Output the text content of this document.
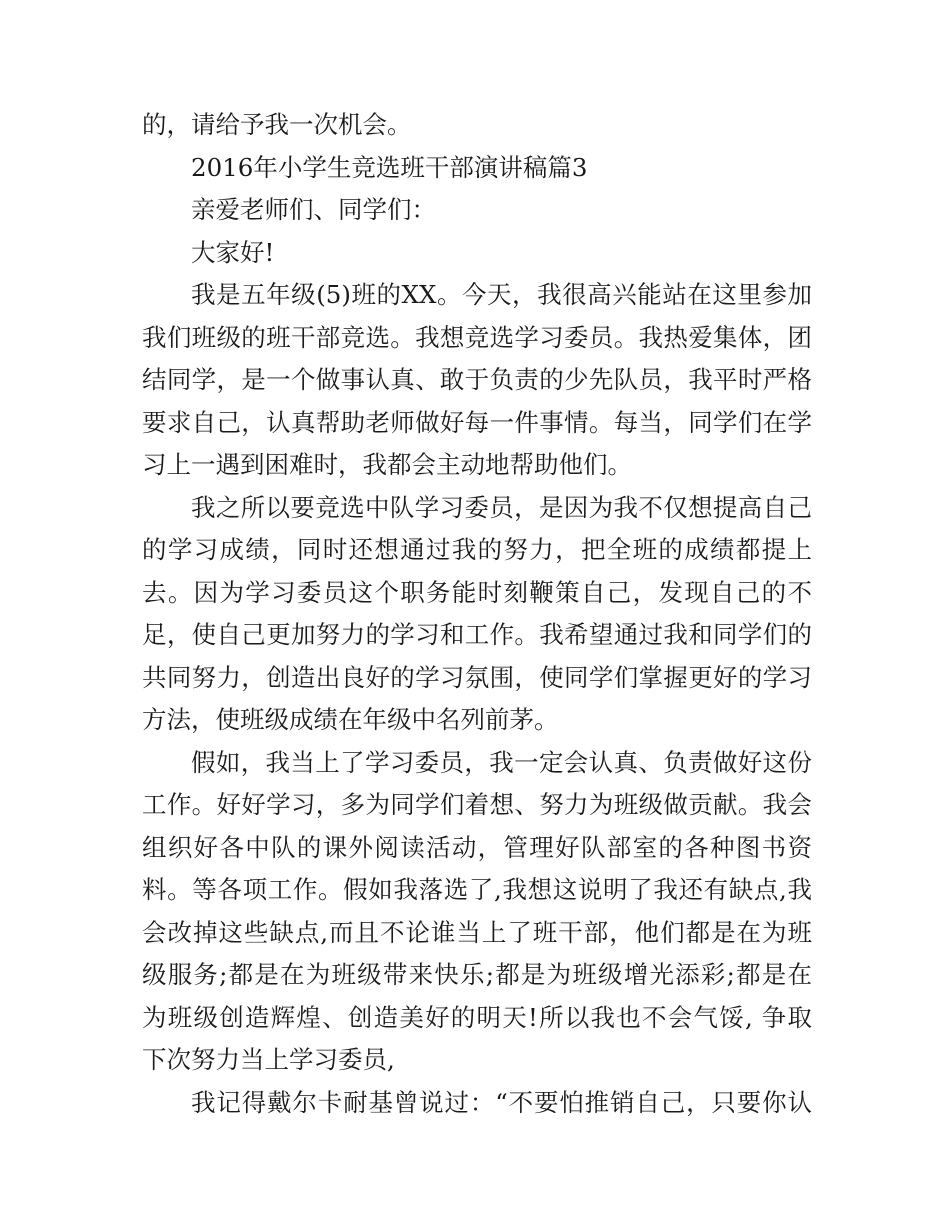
的，请给予我一次机会。
2016年小学生竞选班干部演讲稿篇3
亲爱老师们、同学们：
大家好!
我是五年级(5)班的XX。今天，我很高兴能站在这里参加
我们班级的班干部竞选。我想竞选学习委员。我热爱集体，团
结同学，是一个做事认真、敢于负责的少先队员，我平时严格
要求自己，认真帮助老师做好每一件事情。每当，同学们在学
习上一遇到困难时，我都会主动地帮助他们。
我之所以要竞选中队学习委员，是因为我不仅想提高自己
的学习成绩，同时还想通过我的努力，把全班的成绩都提上
去。因为学习委员这个职务能时刻鞭策自己，发现自己的不
足，使自己更加努力的学习和工作。我希望通过我和同学们的
共同努力，创造出良好的学习氛围，使同学们掌握更好的学习
方法，使班级成绩在年级中名列前茅。
假如，我当上了学习委员，我一定会认真、负责做好这份
工作。好好学习，多为同学们着想、努力为班级做贡献。我会
组织好各中队的课外阅读活动，管理好队部室的各种图书资
料。等各项工作。假如我落选了,我想这说明了我还有缺点,我
会改掉这些缺点,而且不论谁当上了班干部，他们都是在为班
级服务;都是在为班级带来快乐;都是为班级增光添彩;都是在
为班级创造辉煌、创造美好的明天!所以我也不会气馁, 争取
下次努力当上学习委员,
我记得戴尔卡耐基曾说过：“不要怕推销自己，只要你认
